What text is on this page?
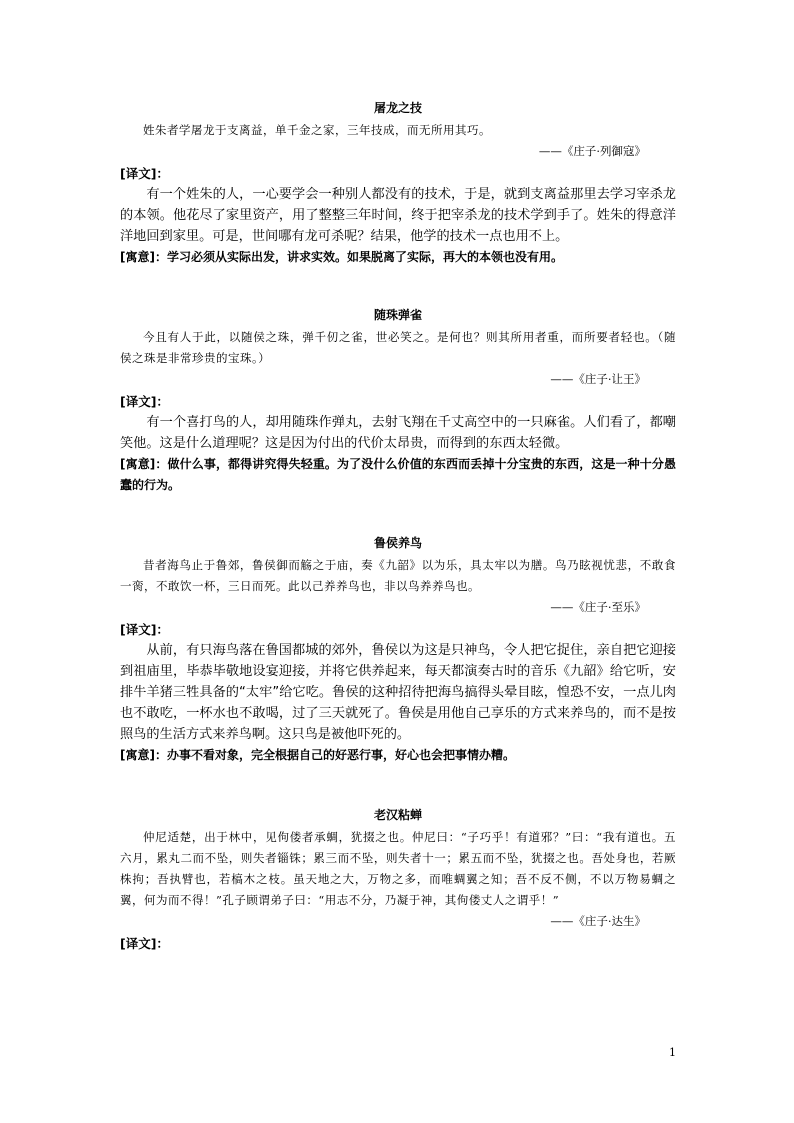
屠龙之技

姓朱者学屠龙于支离益，单千金之家，三年技成，而无所用其巧。

——《庄子·列御寇》

[译文]：

有一个姓朱的人，一心要学会一种别人都没有的技术，于是，就到支离益那里去学习宰杀龙的本领。他花尽了家里资产，用了整整三年时间，终于把宰杀龙的技术学到手了。姓朱的得意洋洋地回到家里。可是，世间哪有龙可杀呢？结果，他学的技术一点也用不上。

[寓意]：学习必须从实际出发，讲求实效。如果脱离了实际，再大的本领也没有用。

随珠弹雀

今且有人于此，以随侯之珠，弹千仞之雀，世必笑之。是何也？则其所用者重，而所要者轻也。（随侯之珠是非常珍贵的宝珠。）

——《庄子·让王》

[译文]：

有一个喜打鸟的人，却用随珠作弹丸，去射飞翔在千丈高空中的一只麻雀。人们看了，都嘲笑他。这是什么道理呢？这是因为付出的代价太昂贵，而得到的东西太轻微。

[寓意]：做什么事，都得讲究得失轻重。为了没什么价值的东西而丢掉十分宝贵的东西，这是一种十分愚蠢的行为。

鲁侯养鸟

昔者海鸟止于鲁郊，鲁侯御而觞之于庙，奏《九韶》以为乐，具太牢以为膳。鸟乃眩视忧悲，不敢食一脔，不敢饮一杯，三日而死。此以己养养鸟也，非以鸟养养鸟也。

——《庄子·至乐》

[译文]：

从前，有只海鸟落在鲁国都城的郊外，鲁侯以为这是只神鸟，令人把它捉住，亲自把它迎接到祖庙里，毕恭毕敬地设宴迎接，并将它供养起来，每天都演奏古时的音乐《九韶》给它听，安排牛羊猪三牲具备的“太牢”给它吃。鲁侯的这种招待把海鸟搞得头晕目眩，惶恐不安，一点儿肉也不敢吃，一杯水也不敢喝，过了三天就死了。鲁侯是用他自己享乐的方式来养鸟的，而不是按照鸟的生活方式来养鸟啊。这只鸟是被他吓死的。

[寓意]：办事不看对象，完全根据自己的好恶行事，好心也会把事情办糟。

老汉粘蝉

仲尼适楚，出于林中，见佝偻者承蜩，犹掇之也。仲尼曰：“子巧乎！有道邪？”曰：“我有道也。五六月，累丸二而不坠，则失者锱铢；累三而不坠，则失者十一；累五而不坠，犹掇之也。吾处身也，若厥株拘；吾执臂也，若槁木之枝。虽天地之大，万物之多，而唯蜩翼之知；吾不反不侧，不以万物易蜩之翼，何为而不得！”孔子顾谓弟子曰：“用志不分，乃凝于神，其佝偻丈人之谓乎！”

——《庄子·达生》

[译文]：

1
